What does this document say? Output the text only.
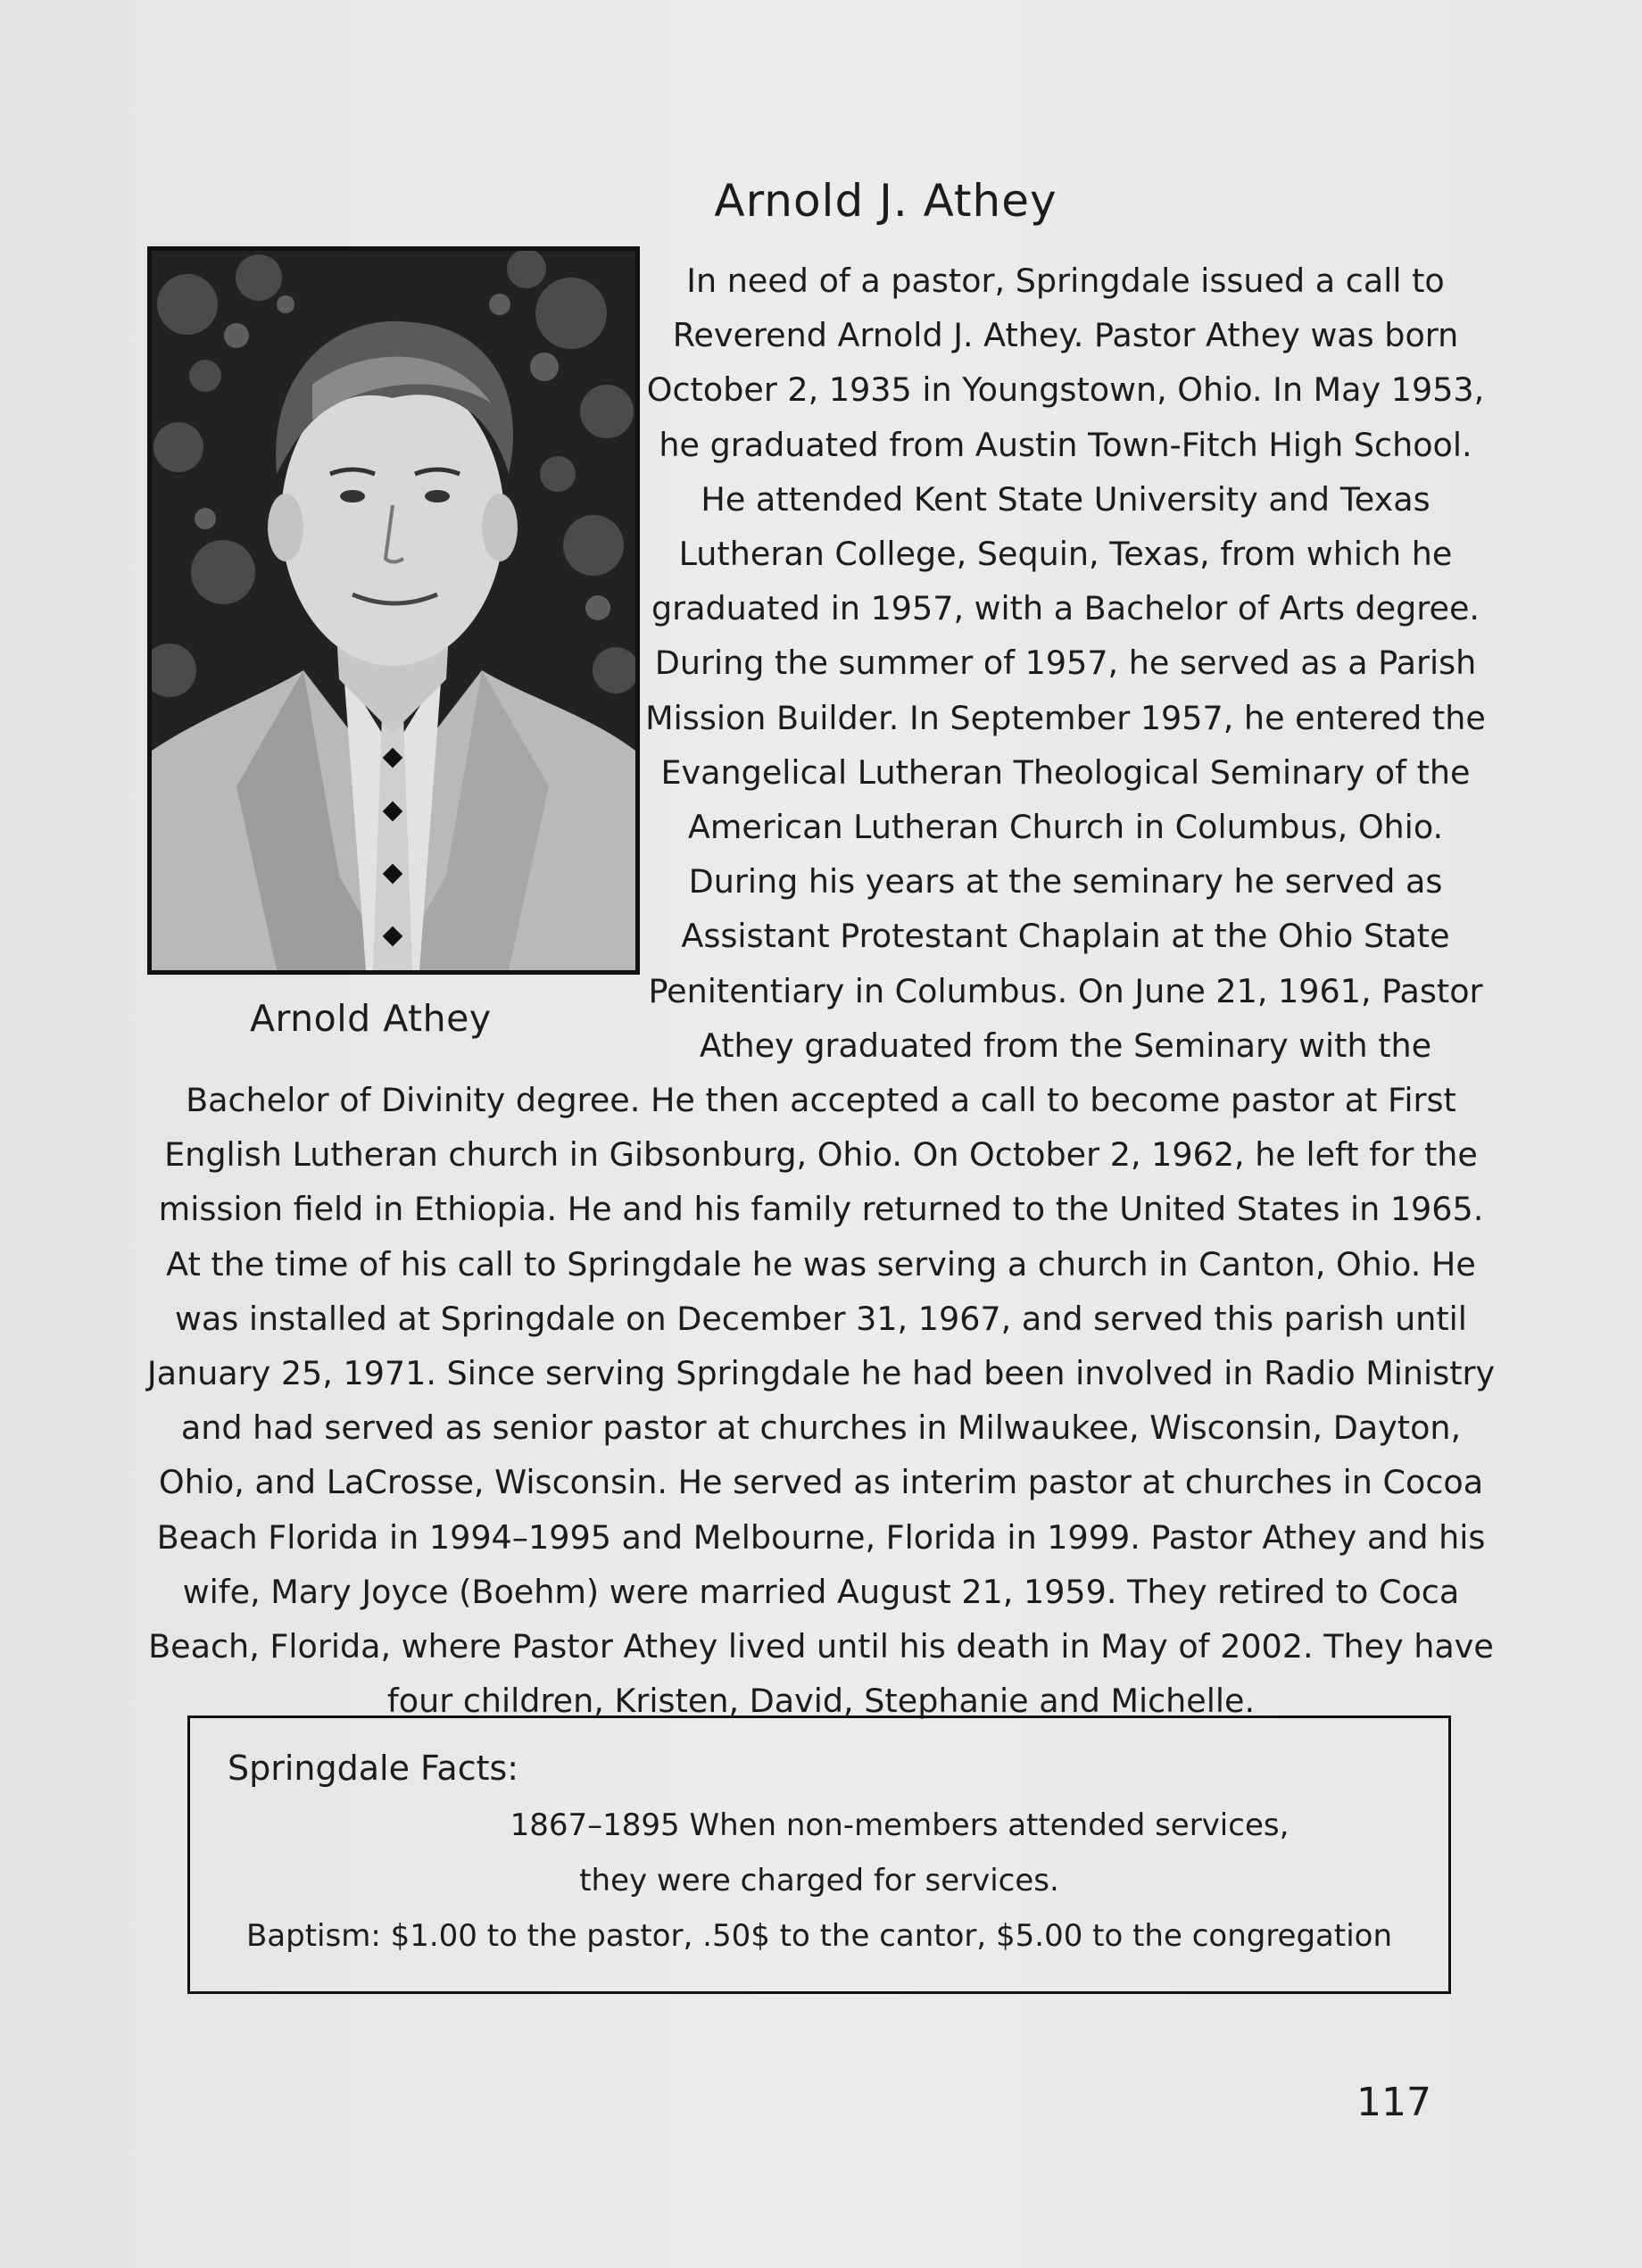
Arnold J. Athey
Arnold Athey
In need of a pastor, Springdale issued a call to Reverend Arnold J. Athey. Pastor Athey was born October 2, 1935 in Youngstown, Ohio. In May 1953, he graduated from Austin Town-Fitch High School. He attended Kent State University and Texas Lutheran College, Sequin, Texas, from which he graduated in 1957, with a Bachelor of Arts degree. During the summer of 1957, he served as a Parish Mission Builder. In September 1957, he entered the Evangelical Lutheran Theological Seminary of the American Lutheran Church in Columbus, Ohio. During his years at the seminary he served as Assistant Protestant Chaplain at the Ohio State Penitentiary in Columbus. On June 21, 1961, Pastor Athey graduated from the Seminary with the Bachelor of Divinity degree. He then accepted a call to become pastor at First English Lutheran church in Gibsonburg, Ohio. On October 2, 1962, he left for the mission field in Ethiopia. He and his family returned to the United States in 1965. At the time of his call to Springdale he was serving a church in Canton, Ohio. He was installed at Springdale on December 31, 1967, and served this parish until January 25, 1971. Since serving Springdale he had been involved in Radio Ministry and had served as senior pastor at churches in Milwaukee, Wisconsin, Dayton, Ohio, and LaCrosse, Wisconsin. He served as interim pastor at churches in Cocoa Beach Florida in 1994–1995 and Melbourne, Florida in 1999. Pastor Athey and his wife, Mary Joyce (Boehm) were married August 21, 1959. They retired to Coca Beach, Florida, where Pastor Athey lived until his death in May of 2002. They have four children, Kristen, David, Stephanie and Michelle.
Springdale Facts:
1867–1895 When non-members attended services,
they were charged for services.
Baptism: $1.00 to the pastor, .50$ to the cantor, $5.00 to the congregation
117
